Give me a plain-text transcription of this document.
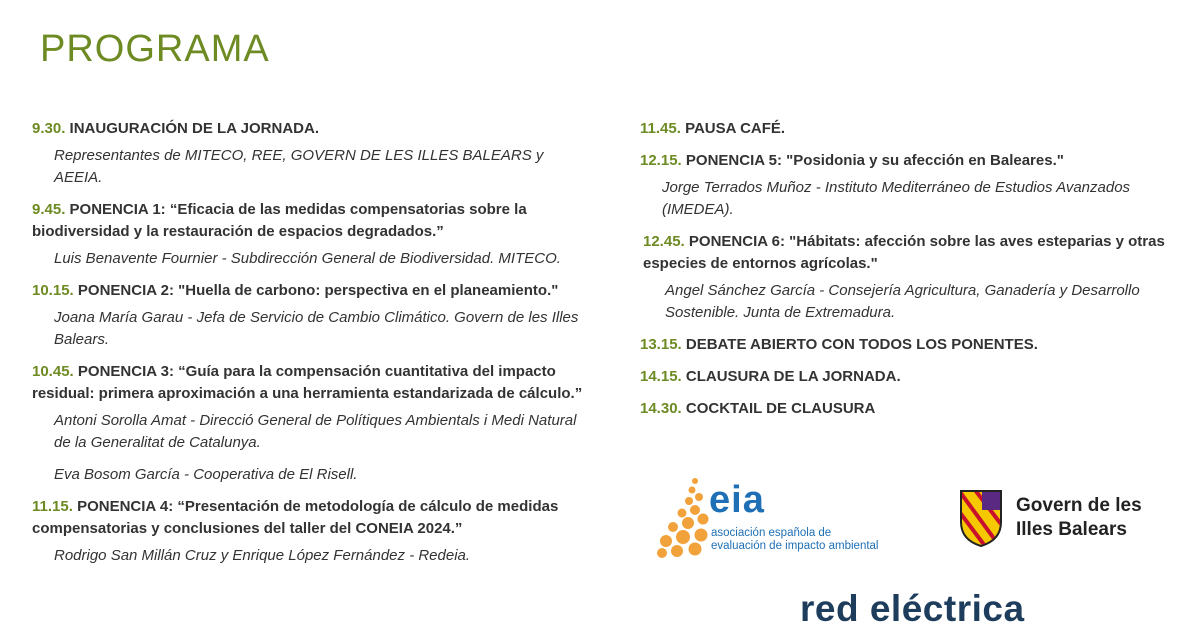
PROGRAMA
9.30. INAUGURACIÓN DE LA JORNADA.
Representantes de MITECO, REE, GOVERN DE LES ILLES BALEARS y AEEIA.
9.45. PONENCIA 1: “Eficacia de las medidas compensatorias sobre la biodiversidad y la restauración de espacios degradados.”
Luis Benavente Fournier - Subdirección General de Biodiversidad. MITECO.
10.15. PONENCIA 2: "Huella de carbono: perspectiva en el planeamiento."
Joana María Garau - Jefa de Servicio de Cambio Climático. Govern de les Illes Balears.
10.45. PONENCIA 3: “Guía para la compensación cuantitativa del impacto residual: primera aproximación a una herramienta estandarizada de cálculo.”
Antoni Sorolla Amat - Direcció General de Polítiques Ambientals i Medi Natural de la Generalitat de Catalunya.
Eva Bosom García - Cooperativa de El Risell.
11.15. PONENCIA 4: “Presentación de metodología de cálculo de medidas compensatorias y conclusiones del taller del CONEIA 2024.”
Rodrigo San Millán Cruz y Enrique López Fernández - Redeia.
11.45. PAUSA CAFÉ.
12.15. PONENCIA 5: "Posidonia y su afección en Baleares."
Jorge Terrados Muñoz - Instituto Mediterráneo de Estudios Avanzados (IMEDEA).
12.45. PONENCIA 6: "Hábitats: afección sobre las aves esteparias y otras especies de entornos agrícolas."
Angel Sánchez García - Consejería Agricultura, Ganadería y Desarrollo Sostenible. Junta de Extremadura.
13.15. DEBATE ABIERTO CON TODOS LOS PONENTES.
14.15. CLAUSURA DE LA JORNADA.
14.30. COCKTAIL DE CLAUSURA
eia
asociación española de
evaluación de impacto ambiental
Govern de les
Illes Balears
red eléctrica
